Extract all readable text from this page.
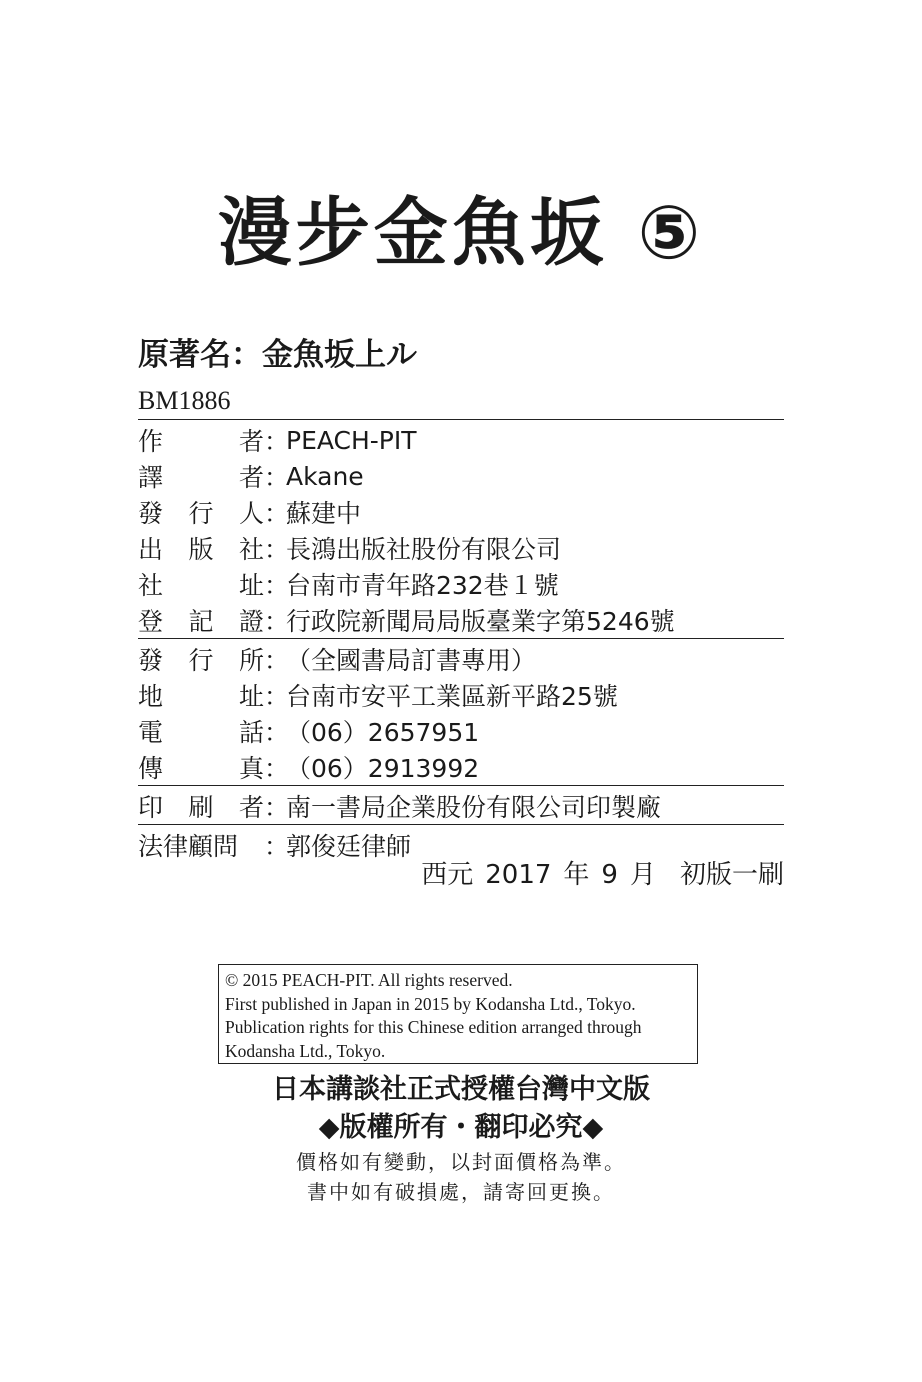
漫步金魚坂 ⑤
原著名：金魚坂上ル
BM1886
作	者 ：
PEACH-PIT
譯	者 ：
Akane
發 行 人 ：
蘇建中
出 版 社 ：
長鴻出版社股份有限公司
社	址 ：
台南市青年路232巷１號
登 記 證 ：
行政院新聞局局版臺業字第5246號
發 行 所 ：
（全國書局訂書專用）
地	址 ：
台南市安平工業區新平路25號
電	話 ：
（06）2657951
傳	真 ：
（06）2913992
印 刷 者 ：
南一書局企業股份有限公司印製廠
法律顧問 ：
郭俊廷律師
西元 2017 年 9 月 初版一刷
© 2015 PEACH-PIT. All rights reserved.
First published in Japan in 2015 by Kodansha Ltd., Tokyo.
Publication rights for this Chinese edition arranged through
Kodansha Ltd., Tokyo.
日本講談社正式授權台灣中文版
◆版權所有・翻印必究◆
價格如有變動，以封面價格為準。
書中如有破損處，請寄回更換。
